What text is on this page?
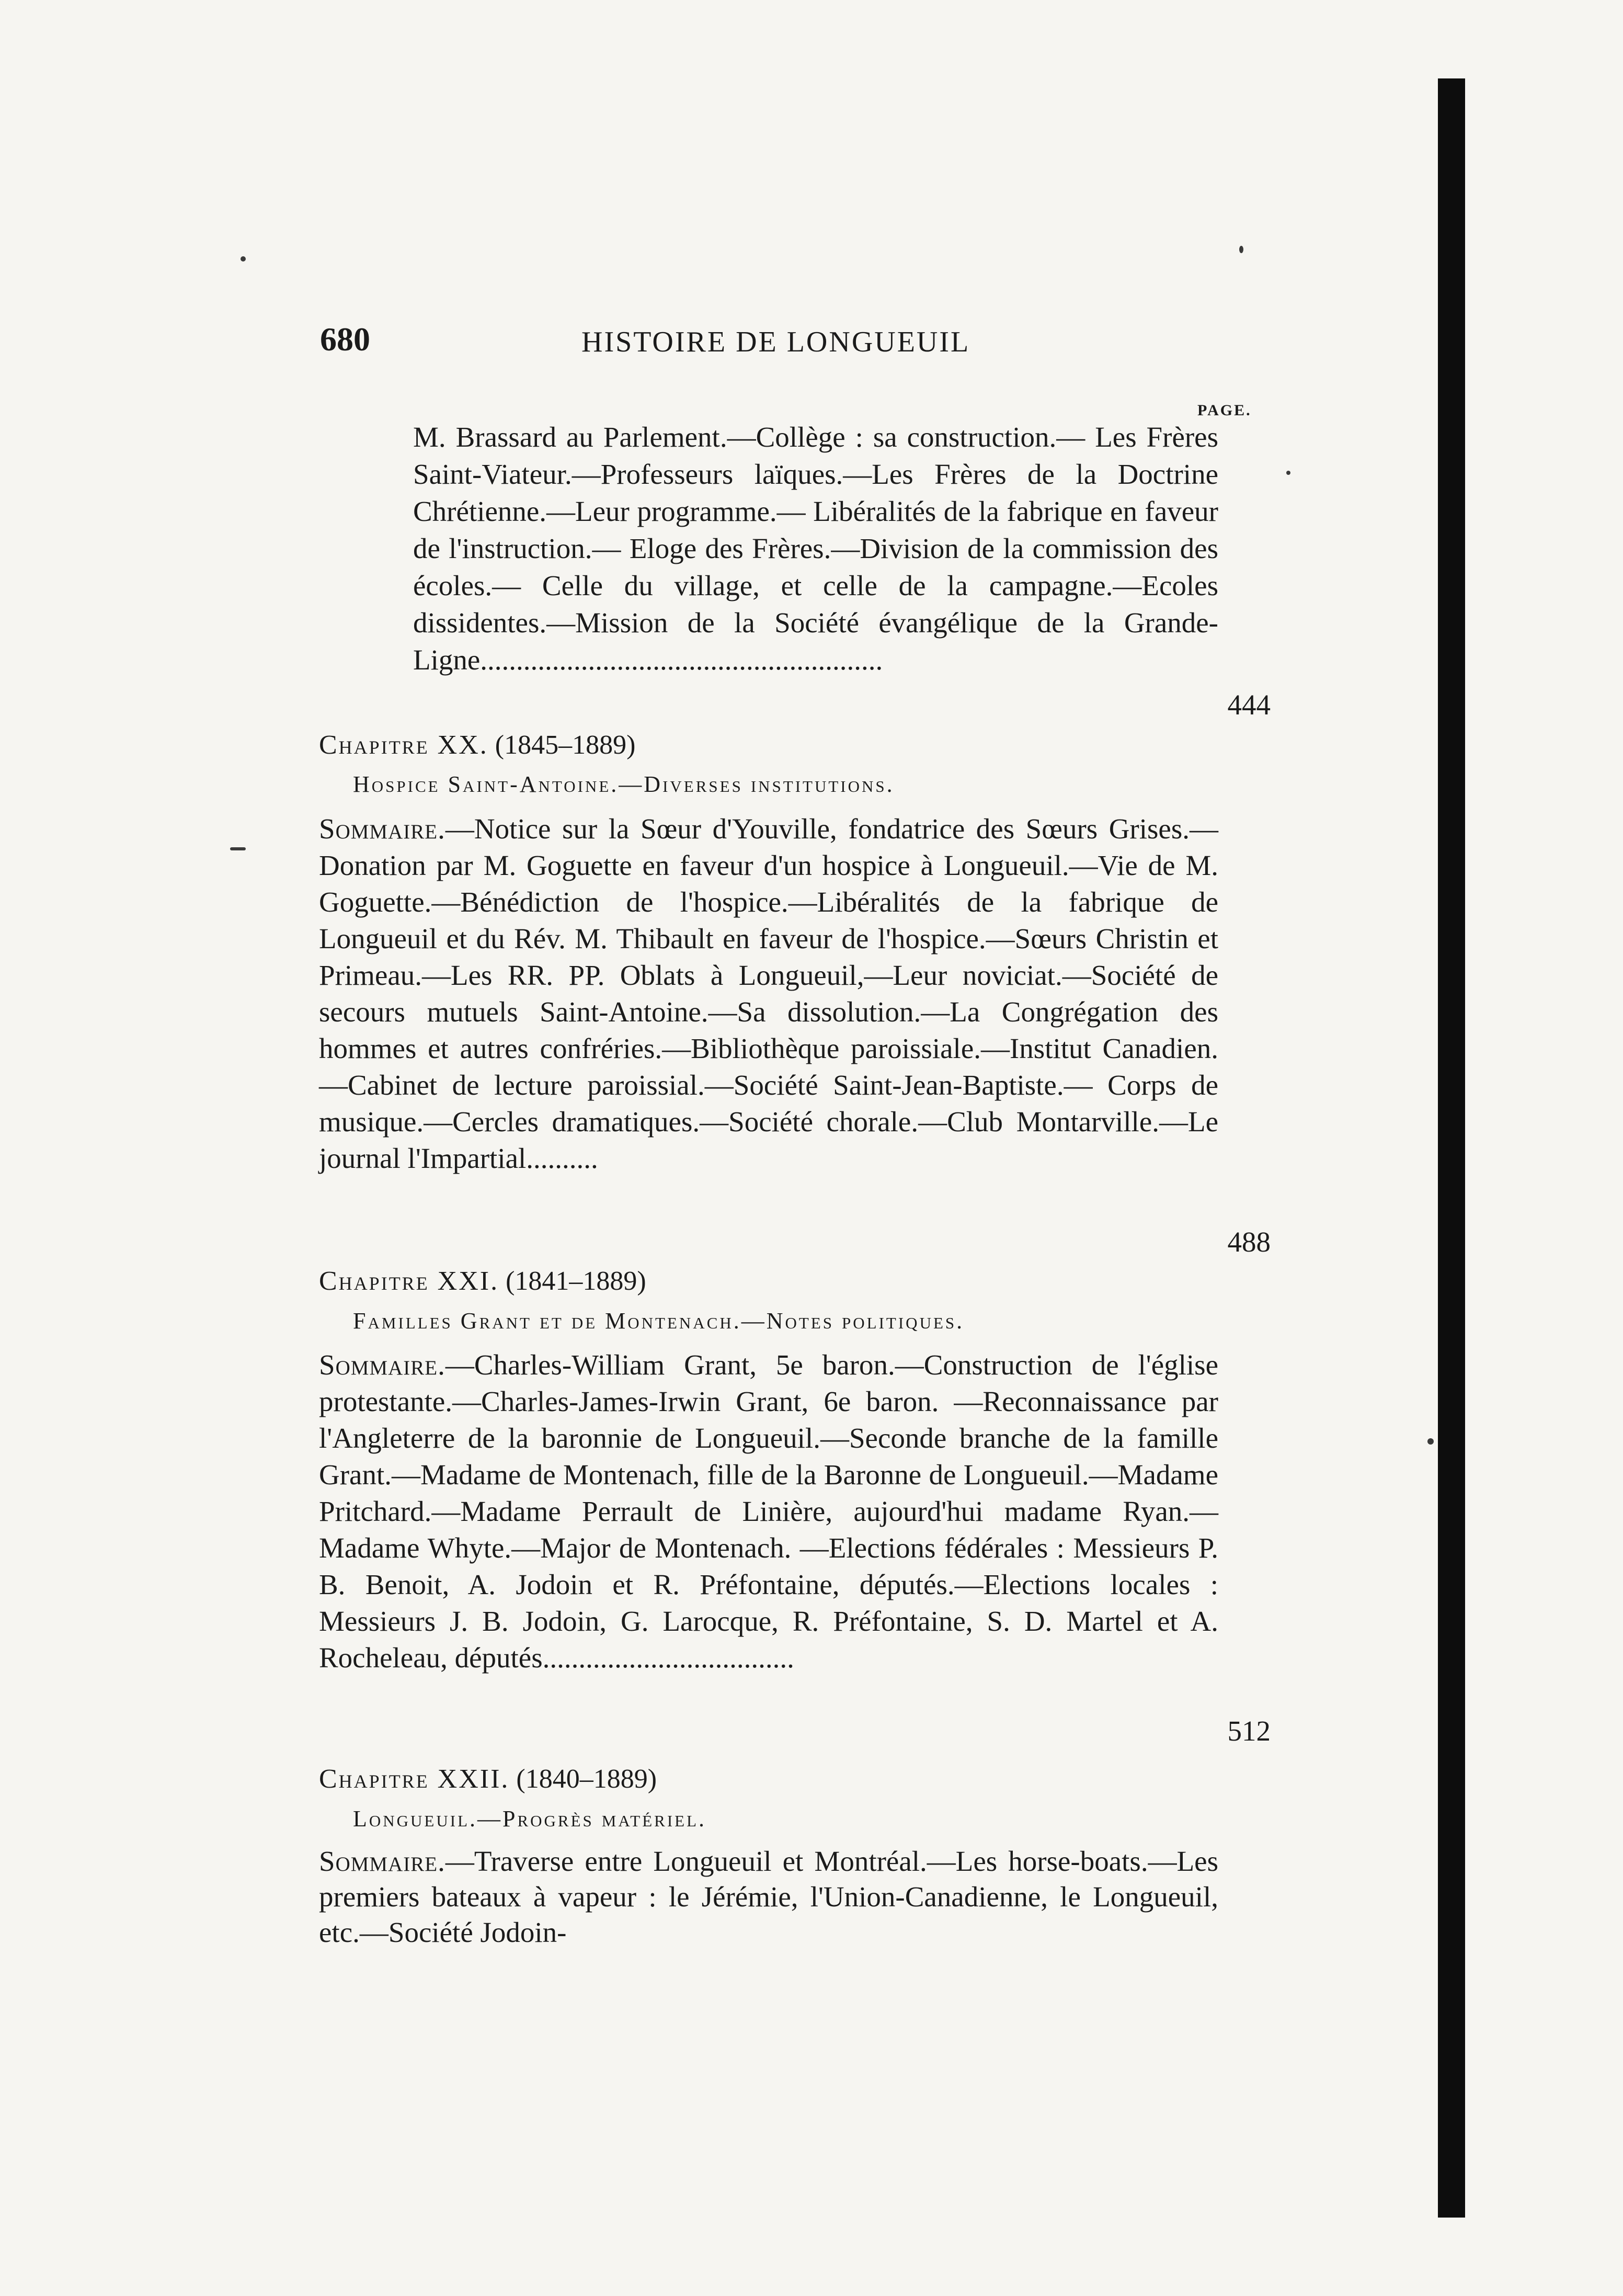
680	HISTOIRE DE LONGUEUIL
PAGE.

M. Brassard au Parlement.—Collège : sa construction.— Les Frères Saint-Viateur.—Professeurs laïques.—Les Frères de la Doctrine Chrétienne.—Leur programme.— Libéralités de la fabrique en faveur de l'instruction.— Eloge des Frères.—Division de la commission des écoles.— Celle du village, et celle de la campagne.—Ecoles dissidentes.—Mission de la Société évangélique de la Grande-Ligne........................................................

444
Chapitre XX. (1845–1889)
Hospice Saint-Antoine.—Diverses institutions.

Sommaire.—Notice sur la Sœur d'Youville, fondatrice des Sœurs Grises.—Donation par M. Goguette en faveur d'un hospice à Longueuil.—Vie de M. Goguette.—Bénédiction de l'hospice.—Libéralités de la fabrique de Longueuil et du Rév. M. Thibault en faveur de l'hospice.—Sœurs Christin et Primeau.—Les RR. PP. Oblats à Longueuil,—Leur noviciat.—Société de secours mutuels Saint-Antoine.—Sa dissolution.—La Congrégation des hommes et autres confréries.—Bibliothèque paroissiale.—Institut Canadien.—Cabinet de lecture paroissial.—Société Saint-Jean-Baptiste.— Corps de musique.—Cercles dramatiques.—Société chorale.—Club Montarville.—Le journal l'Impartial..........

488
Chapitre XXI. (1841–1889)
Familles Grant et de Montenach.—Notes politiques.

Sommaire.—Charles-William Grant, 5e baron.—Construction de l'église protestante.—Charles-James-Irwin Grant, 6e baron. —Reconnaissance par l'Angleterre de la baronnie de Longueuil.—Seconde branche de la famille Grant.—Madame de Montenach, fille de la Baronne de Longueuil.—Madame Pritchard.—Madame Perrault de Linière, aujourd'hui madame Ryan.—Madame Whyte.—Major de Montenach. —Elections fédérales : Messieurs P. B. Benoit, A. Jodoin et R. Préfontaine, députés.—Elections locales : Messieurs J. B. Jodoin, G. Larocque, R. Préfontaine, S. D. Martel et A. Rocheleau, députés...................................

512
Chapitre XXII. (1840–1889)
Longueuil.—Progrès matériel.

Sommaire.—Traverse entre Longueuil et Montréal.—Les horse-boats.—Les premiers bateaux à vapeur : le Jérémie, l'Union-Canadienne, le Longueuil, etc.—Société Jodoin-
